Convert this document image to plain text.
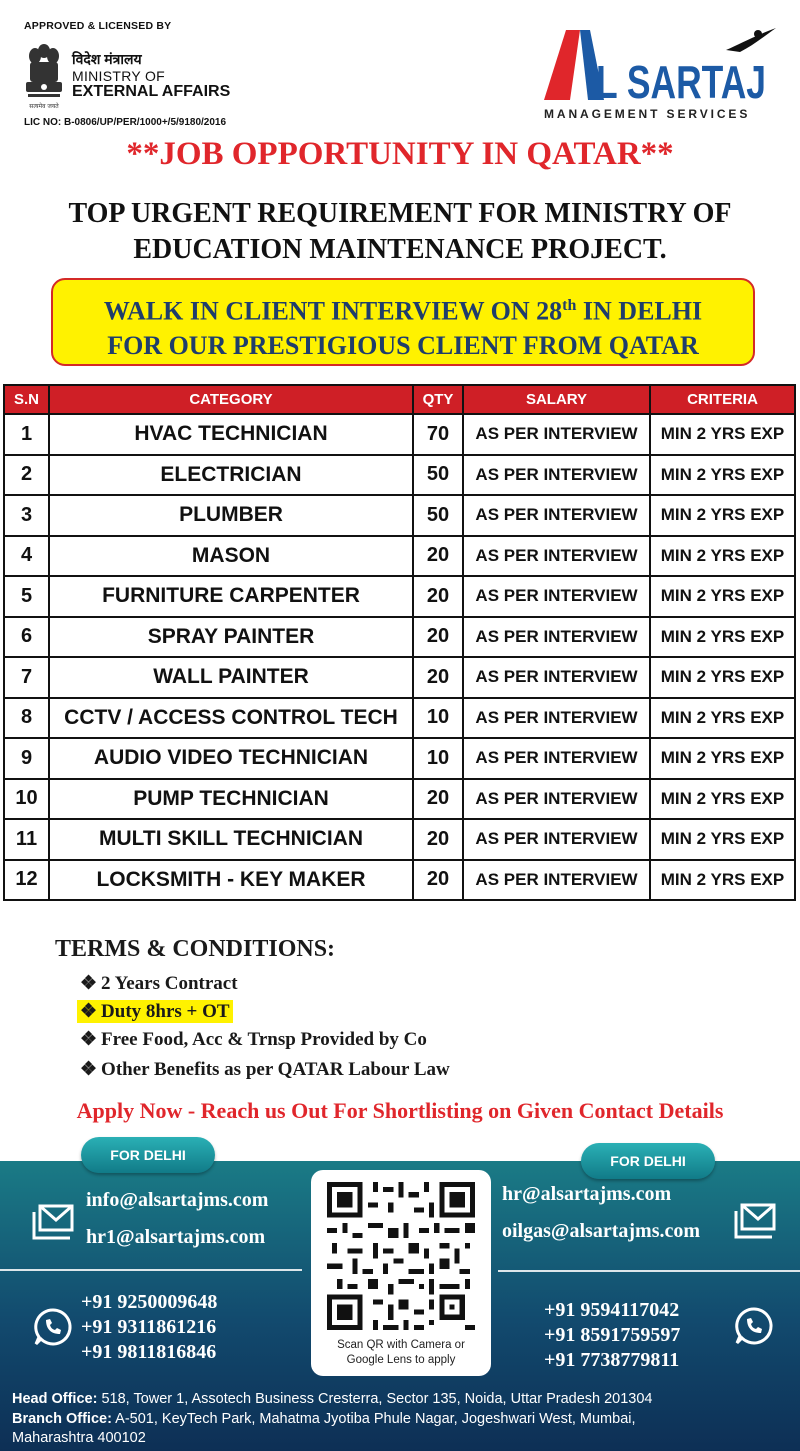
APPROVED & LICENSED BY
सत्यमेव जयते
विदेश मंत्रालय
MINISTRY OF
EXTERNAL AFFAIRS
LIC NO: B-0806/UP/PER/1000+/5/9180/2016
L SARTAJ
MANAGEMENT SERVICES
**JOB OPPORTUNITY IN QATAR**
TOP URGENT REQUIREMENT FOR MINISTRY OF
EDUCATION MAINTENANCE PROJECT.
WALK IN CLIENT INTERVIEW ON 28th IN DELHI
FOR OUR PRESTIGIOUS CLIENT FROM QATAR
S.N	CATEGORY	QTY	SALARY	CRITERIA
1	HVAC TECHNICIAN	70	AS PER INTERVIEW	MIN 2 YRS EXP
2	ELECTRICIAN	50	AS PER INTERVIEW	MIN 2 YRS EXP
3	PLUMBER	50	AS PER INTERVIEW	MIN 2 YRS EXP
4	MASON	20	AS PER INTERVIEW	MIN 2 YRS EXP
5	FURNITURE CARPENTER	20	AS PER INTERVIEW	MIN 2 YRS EXP
6	SPRAY PAINTER	20	AS PER INTERVIEW	MIN 2 YRS EXP
7	WALL PAINTER	20	AS PER INTERVIEW	MIN 2 YRS EXP
8	CCTV / ACCESS CONTROL TECH	10	AS PER INTERVIEW	MIN 2 YRS EXP
9	AUDIO VIDEO TECHNICIAN	10	AS PER INTERVIEW	MIN 2 YRS EXP
10	PUMP TECHNICIAN	20	AS PER INTERVIEW	MIN 2 YRS EXP
11	MULTI SKILL TECHNICIAN	20	AS PER INTERVIEW	MIN 2 YRS EXP
12	LOCKSMITH - KEY MAKER	20	AS PER INTERVIEW	MIN 2 YRS EXP
TERMS & CONDITIONS:
❖ 2 Years Contract
❖ Duty 8hrs + OT
❖ Free Food, Acc & Trnsp Provided by Co
❖ Other Benefits as per QATAR Labour Law
Apply Now - Reach us Out For Shortlisting on Given Contact Details
FOR DELHI	FOR DELHI
info@alsartajms.com
hr1@alsartajms.com
+91 9250009648
+91 9311861216
+91 9811816846	Scan QR with Camera or
Google Lens to apply
hr@alsartajms.com
oilgas@alsartajms.com
+91 9594117042
+91 8591759597
+91 7738779811
Head Office: 518, Tower 1, Assotech Business Cresterra, Sector 135, Noida, Uttar Pradesh 201304
Branch Office: A-501, KeyTech Park, Mahatma Jyotiba Phule Nagar, Jogeshwari West, Mumbai,
Maharashtra 400102
